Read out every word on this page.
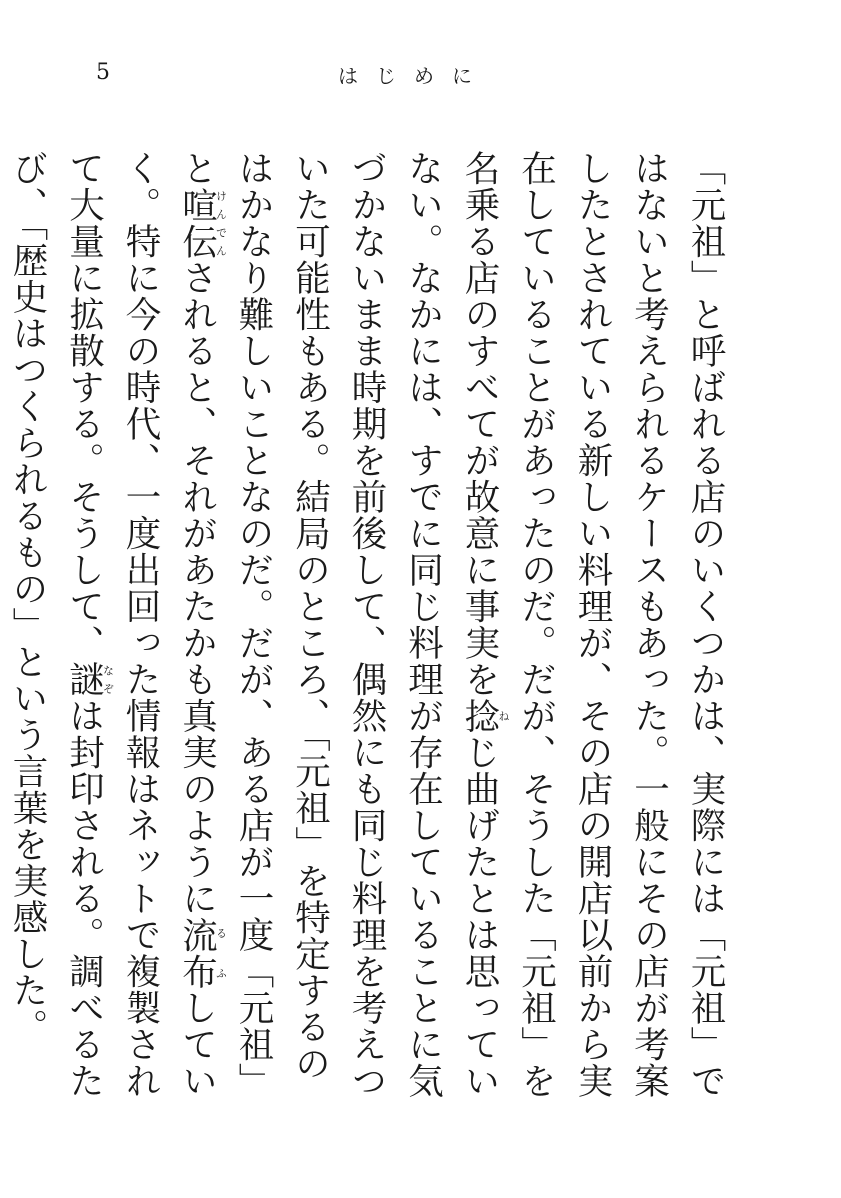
5	はじめに

「元祖」と呼ばれる店のいくつかは、実際には「元祖」ではないと考えられるケースもあった。一般にその店が考案したとされている新しい料理が、その店の開店以前から実在していることがあったのだ。だが、そうした「元祖」を名乗る店のすべてが故意に事実を捻ねじ曲げたとは思っていない。なかには、すでに同じ料理が存在していることに気づかないまま時期を前後して、偶然にも同じ料理を考えついた可能性もある。結局のところ、「元祖」を特定するのはかなり難しいことなのだ。だが、ある店が一度「元祖」と喧伝けんでんされると、それがあたかも真実のように流布るふしていく。特に今の時代、一度出回った情報はネットで複製されて大量に拡散する。そうして、謎なぞは封印される。調べるたび、「歴史はつくられるもの」という言葉を実感した。
